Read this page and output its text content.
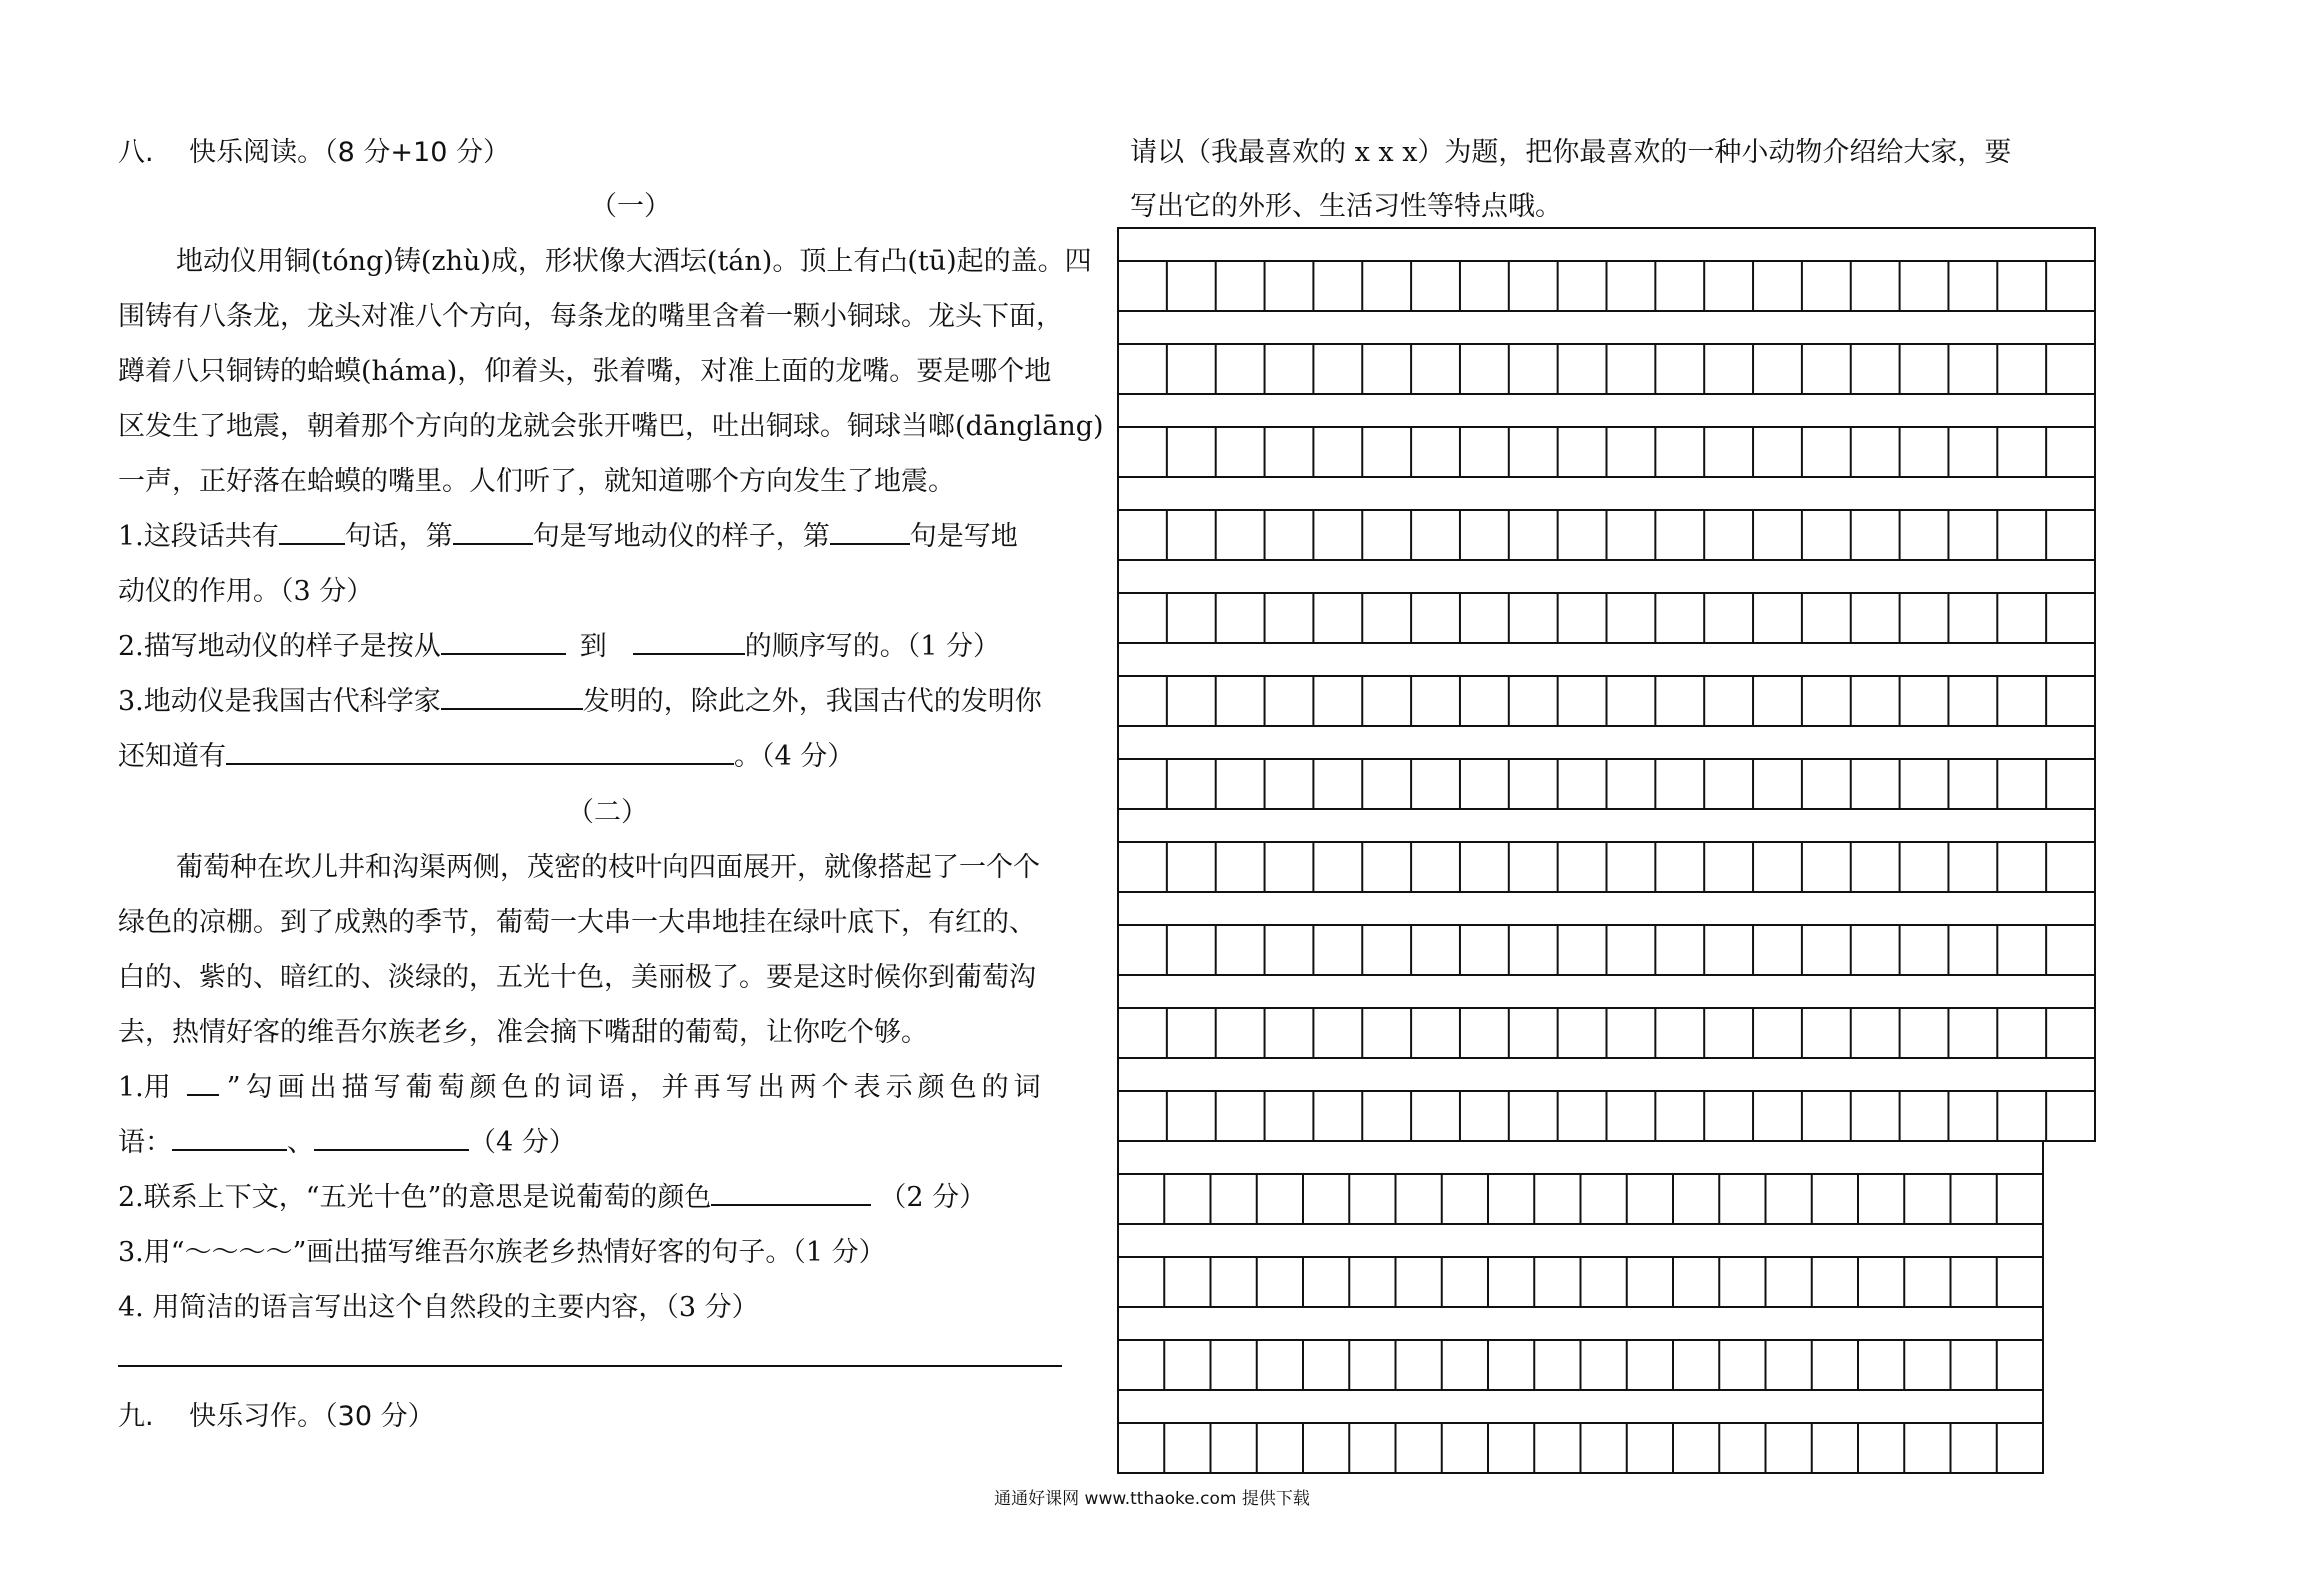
八.　 快乐阅读。（8 分+10 分）
（一）
地动仪用铜(tóng)铸(zhù)成，形状像大酒坛(tán)。顶上有凸(tū)起的盖。四
围铸有八条龙，龙头对准八个方向，每条龙的嘴里含着一颗小铜球。龙头下面，
蹲着八只铜铸的蛤蟆(háma)，仰着头，张着嘴，对准上面的龙嘴。要是哪个地
区发生了地震，朝着那个方向的龙就会张开嘴巴，吐出铜球。铜球当啷(dānglāng)
一声，正好落在蛤蟆的嘴里。人们听了，就知道哪个方向发生了地震。
1.这段话共有 句话，第	句是写地动仪的样子，第	句是写地
动仪的作用。（3 分）
2.描写地动仪的样子是按从	到	的顺序写的。（1 分）
3.地动仪是我国古代科学家	发明的，除此之外，我国古代的发明你
还知道有	。（4 分）
（二）
葡萄种在坎儿井和沟渠两侧，茂密的枝叶向四面展开，就像搭起了一个个
绿色的凉棚。到了成熟的季节，葡萄一大串一大串地挂在绿叶底下，有红的、
白的、紫的、暗红的、淡绿的，五光十色，美丽极了。要是这时候你到葡萄沟
去，热情好客的维吾尔族老乡，准会摘下嘴甜的葡萄，让你吃个够。
1.用 ”勾画出描写葡萄颜色的词语，并再写出两个表示颜色的词
语：	、	（4 分）
2.联系上下文，“五光十色”的意思是说葡萄的颜色	（2 分）
3.用“～～～～”画出描写维吾尔族老乡热情好客的句子。（1 分）
4. 用简洁的语言写出这个自然段的主要内容，（3 分）
九.　 快乐习作。（30 分）
请以（我最喜欢的 x x x）为题，把你最喜欢的一种小动物介绍给大家，要
写出它的外形、生活习性等特点哦。
通通好课网 www.tthaoke.com 提供下载
